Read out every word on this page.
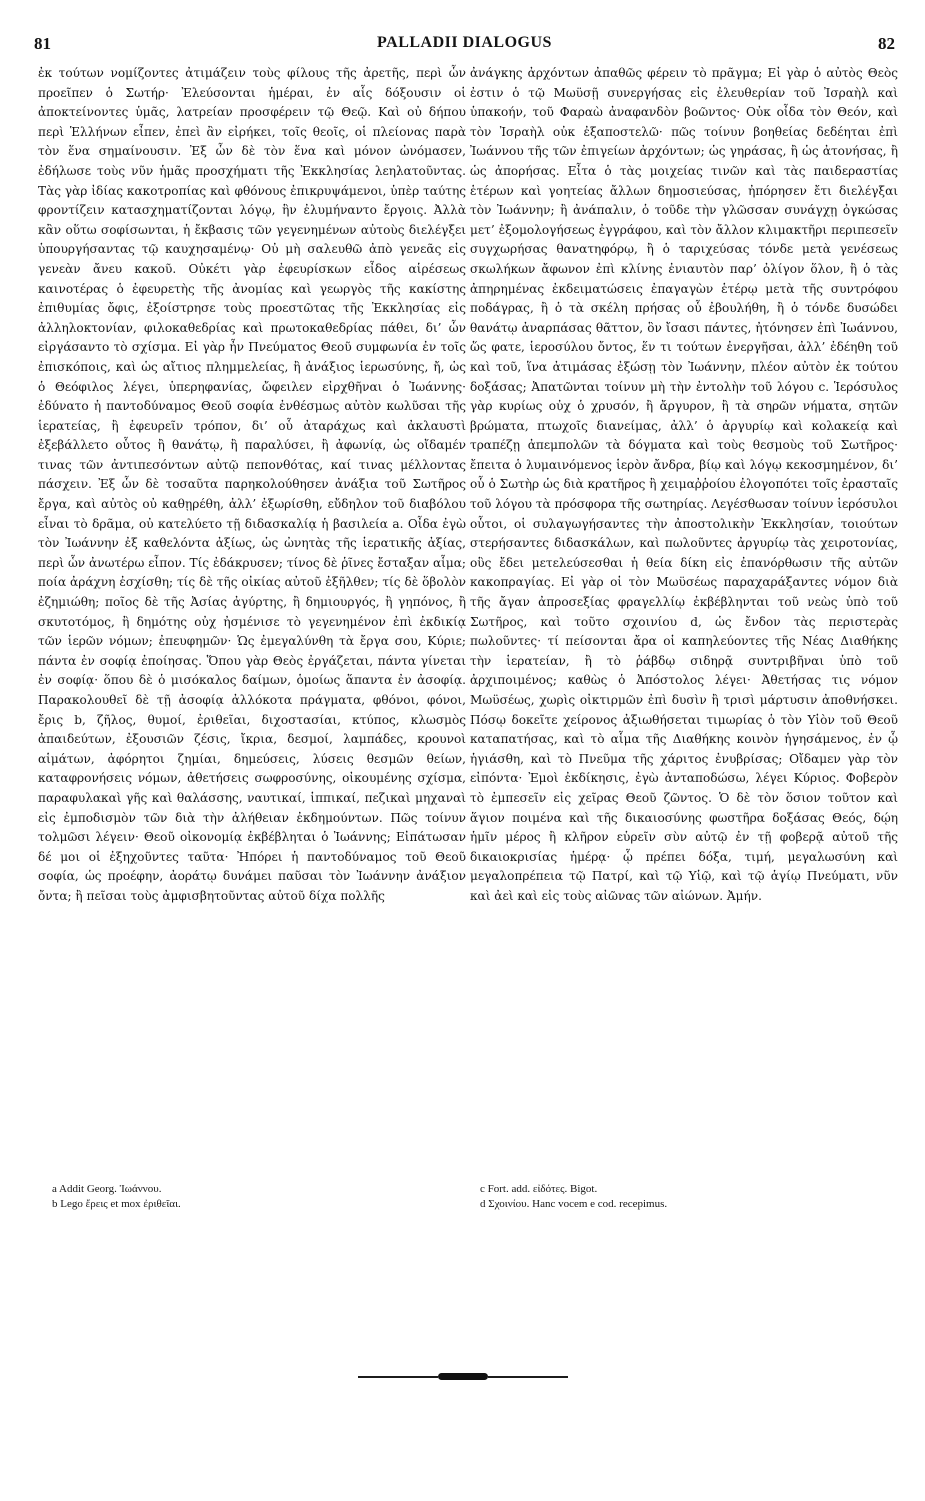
81	PALLADII DIALOGUS	82

ἐκ τούτων νομίζοντες ἀτιμάζειν τοὺς φίλους τῆς ἀρετῆς, περὶ ὧν προεῖπεν ὁ Σωτήρ· Ἐλεύσονται ἡμέραι, ἐν αἷς δόξουσιν οἱ ἀποκτείνοντες ὑμᾶς, λατρείαν προσφέρειν τῷ Θεῷ. Καὶ οὐ δήπου περὶ Ἑλλήνων εἶπεν, ἐπεὶ ἂν εἰρήκει, τοῖς θεοῖς, οἱ πλείονας παρὰ τὸν ἕνα σημαίνουσιν. Ἐξ ὧν δὲ τὸν ἕνα καὶ μόνον ὠνόμασεν, ἐδήλωσε τοὺς νῦν ἡμᾶς προσχήματι τῆς Ἐκκλησίας λεηλατοῦντας. Τὰς γὰρ ἰδίας κακοτροπίας καὶ φθόνους ἐπικρυψάμενοι, ὑπὲρ ταύτης φροντίζειν κατασχηματίζονται λόγῳ, ἣν ἐλυμήναντο ἔργοις. Ἀλλὰ κἂν οὕτω σοφίσωνται, ἡ ἔκβασις τῶν γεγενημένων αὐτοὺς διελέγξει ὑπουργήσαντας τῷ καυχησαμένῳ· Οὐ μὴ σαλευθῶ ἀπὸ γενεᾶς εἰς γενεὰν ἄνευ κακοῦ. Οὐκέτι γὰρ ἐφευρίσκων εἶδος αἱρέσεως καινοτέρας ὁ ἐφευρετὴς τῆς ἀνομίας καὶ γεωργὸς τῆς κακίστης ἐπιθυμίας ὄφις, ἐξοίστρησε τοὺς προεστῶτας τῆς Ἐκκλησίας εἰς ἀλληλοκτονίαν, φιλοκαθεδρίας καὶ πρωτοκαθεδρίας πάθει, δι’ ὧν εἰργάσαντο τὸ σχίσμα. Εἰ γὰρ ἦν Πνεύματος Θεοῦ συμφωνία ἐν τοῖς ἐπισκόποις, καὶ ὡς αἴτιος πλημμελείας, ἢ ἀνάξιος ἱερωσύνης, ἤ, ὡς ὁ Θεόφιλος λέγει, ὑπερηφανίας, ὤφειλεν εἰρχθῆναι ὁ Ἰωάννης· ἐδύνατο ἡ παντοδύναμος Θεοῦ σοφία ἐνθέσμως αὐτὸν κωλῦσαι τῆς ἱερατείας, ἢ ἐφευρεῖν τρόπον, δι’ οὗ ἀταράχως καὶ ἀκλαυστὶ ἐξεβάλλετο οὗτος ἢ θανάτῳ, ἢ παραλύσει, ἢ ἀφωνίᾳ, ὡς οἴδαμέν τινας τῶν ἀντιπεσόντων αὐτῷ πεπονθότας, καί τινας μέλλοντας πάσχειν. Ἐξ ὧν δὲ τοσαῦτα παρηκολούθησεν ἀνάξια τοῦ Σωτῆρος ἔργα, καὶ αὐτὸς οὐ καθῃρέθη, ἀλλ’ ἐξωρίσθη, εὔδηλον τοῦ διαβόλου εἶναι τὸ δρᾶμα, οὐ κατελύετο τῇ διδασκαλίᾳ ἡ βασιλεία a. Οἶδα ἐγὼ τὸν Ἰωάννην ἐξ καθελόντα ἀξίως, ὡς ὠνητὰς τῆς ἱερατικῆς ἀξίας, περὶ ὧν ἀνωτέρω εἶπον. Τίς ἐδάκρυσεν; τίνος δὲ ῥῖνες ἔσταξαν αἷμα; ποία ἀράχνη ἐσχίσθη; τίς δὲ τῆς οἰκίας αὐτοῦ ἐξῆλθεν; τίς δὲ ὅβολὸν ἐζημιώθη; ποῖος δὲ τῆς Ἀσίας ἀγύρτης, ἢ δημιουργός, ἢ γηπόνος, ἢ σκυτοτόμος, ἢ δημότης οὐχ ἠσμένισε τὸ γεγενημένον ἐπὶ ἐκδικίᾳ τῶν ἱερῶν νόμων; ἐπευφημῶν· Ὡς ἐμεγαλύνθη τὰ ἔργα σου, Κύριε; πάντα ἐν σοφίᾳ ἐποίησας. Ὅπου γὰρ Θεὸς ἐργάζεται, πάντα γίνεται ἐν σοφίᾳ· ὅπου δὲ ὁ μισόκαλος δαίμων, ὁμοίως ἅπαντα ἐν ἀσοφίᾳ. Παρακολουθεῖ δὲ τῇ ἀσοφίᾳ ἀλλόκοτα πράγματα, φθόνοι, φόνοι, ἔρις b, ζῆλος, θυμοί, ἐριθεῖαι, διχοστασίαι, κτύπος, κλωσμὸς ἀπαιδεύτων, ἐξουσιῶν ζέσις, ἴκρια, δεσμοί, λαμπάδες, κρουνοὶ αἱμάτων, ἀφόρητοι ζημίαι, δημεύσεις, λύσεις θεσμῶν θείων, καταφρονήσεις νόμων, ἀθετήσεις σωφροσύνης, οἰκουμένης σχίσμα, παραφυλακαὶ γῆς καὶ θαλάσσης, ναυτικαί, ἱππικαί, πεζικαὶ μηχαναὶ εἰς ἐμποδισμὸν τῶν διὰ τὴν ἀλήθειαν ἐκδημούντων. Πῶς τοίνυν τολμῶσι λέγειν· Θεοῦ οἰκονομίᾳ ἐκβέβληται ὁ Ἰωάννης; Εἰπάτωσαν δέ μοι οἱ ἐξηχοῦντες ταῦτα· Ἠπόρει ἡ παντοδύναμος τοῦ Θεοῦ σοφία, ὡς προέφην, ἀοράτῳ δυνάμει παῦσαι τὸν Ἰωάννην ἀνάξιον ὄντα; ἢ πεῖσαι τοὺς ἀμφισβητοῦντας αὐτοῦ δίχα πολλῆς

ἀνάγκης ἀρχόντων ἀπαθῶς φέρειν τὸ πρᾶγμα; Εἰ γὰρ ὁ αὐτὸς Θεὸς ἐστιν ὁ τῷ Μωϋσῇ συνεργήσας εἰς ἐλευθερίαν τοῦ Ἰσραὴλ καὶ ὑπακοήν, τοῦ Φαραὼ ἀναφανδὸν βοῶντος· Οὐκ οἶδα τὸν Θεόν, καὶ τὸν Ἰσραὴλ οὐκ ἐξαποστελῶ· πῶς τοίνυν βοηθείας δεδέηται ἐπὶ Ἰωάννου τῆς τῶν ἐπιγείων ἀρχόντων; ὡς γηράσας, ἢ ὡς ἀτονήσας, ἢ ὡς ἀπορήσας. Εἶτα ὁ τὰς μοιχείας τινῶν καὶ τὰς παιδεραστίας ἑτέρων καὶ γοητείας ἄλλων δημοσιεύσας, ἠπόρησεν ἔτι διελέγξαι τὸν Ἰωάννην; ἢ ἀνάπαλιν, ὁ τοῦδε τὴν γλῶσσαν συνάγχῃ ὀγκώσας μετ’ ἐξομολογήσεως ἐγγράφου, καὶ τὸν ἄλλον κλιμακτῆρι περιπεσεῖν συγχωρήσας θανατηφόρῳ, ἢ ὁ ταριχεύσας τόνδε μετὰ γενέσεως σκωλήκων ἄφωνον ἐπὶ κλίνης ἐνιαυτὸν παρ’ ὀλίγον ὅλον, ἢ ὁ τὰς ἀπηρημένας ἐκδειματώσεις ἐπαγαγὼν ἑτέρῳ μετὰ τῆς συντρόφου ποδάγρας, ἢ ὁ τὰ σκέλη πρήσας οὗ ἐβουλήθη, ἢ ὁ τόνδε δυσώδει θανάτῳ ἀναρπάσας θᾶττον, ὃν ἴσασι πάντες, ἠτόνησεν ἐπὶ Ἰωάννου, ὥς φατε, ἱεροσύλου ὄντος, ἕν τι τούτων ἐνεργῆσαι, ἀλλ’ ἐδέηθη τοῦ καὶ τοῦ, ἵνα ἀτιμάσας ἐξώσῃ τὸν Ἰωάννην, πλέον αὐτὸν ἐκ τούτου δοξάσας; Ἀπατῶνται τοίνυν μὴ τὴν ἐντολὴν τοῦ λόγου c. Ἱερόσυλος γὰρ κυρίως οὐχ ὁ χρυσόν, ἢ ἄργυρον, ἢ τὰ σηρῶν νήματα, σητῶν βρώματα, πτωχοῖς διανείμας, ἀλλ’ ὁ ἀργυρίῳ καὶ κολακείᾳ καὶ τραπέζῃ ἀπεμπολῶν τὰ δόγματα καὶ τοὺς θεσμοὺς τοῦ Σωτῆρος· ἔπειτα ὁ λυμαινόμενος ἱερὸν ἄνδρα, βίῳ καὶ λόγῳ κεκοσμημένον, δι’ οὗ ὁ Σωτὴρ ὡς διὰ κρατῆρος ἢ χειμαῤῥοίου ἐλογοπότει τοῖς ἐρασταῖς τοῦ λόγου τὰ πρόσφορα τῆς σωτηρίας. Λεγέσθωσαν τοίνυν ἱερόσυλοι οὗτοι, οἱ συλαγωγήσαντες τὴν ἀποστολικὴν Ἐκκλησίαν, τοιούτων στερήσαντες διδασκάλων, καὶ πωλοῦντες ἀργυρίῳ τὰς χειροτονίας, οὓς ἔδει μετελεύσεσθαι ἡ θεία δίκη εἰς ἐπανόρθωσιν τῆς αὐτῶν κακοπραγίας. Εἰ γὰρ οἱ τὸν Μωϋσέως παραχαράξαντες νόμον διὰ τῆς ἄγαν ἀπροσεξίας φραγελλίῳ ἐκβέβληνται τοῦ νεὼς ὑπὸ τοῦ Σωτῆρος, καὶ τοῦτο σχοινίου d, ὡς ἔνδον τὰς περιστερὰς πωλοῦντες· τί πείσονται ἄρα οἱ καπηλεύοντες τῆς Νέας Διαθήκης τὴν ἱερατείαν, ἢ τὸ ῥάβδῳ σιδηρᾷ συντριβῆναι ὑπὸ τοῦ ἀρχιποιμένος; καθὼς ὁ Ἀπόστολος λέγει· Ἀθετήσας τις νόμον Μωϋσέως, χωρὶς οἰκτιρμῶν ἐπὶ δυσὶν ἢ τρισὶ μάρτυσιν ἀποθνήσκει. Πόσῳ δοκεῖτε χείρονος ἀξιωθήσεται τιμωρίας ὁ τὸν Υἱὸν τοῦ Θεοῦ καταπατήσας, καὶ τὸ αἷμα τῆς Διαθήκης κοινὸν ἡγησάμενος, ἐν ᾧ ἡγιάσθη, καὶ τὸ Πνεῦμα τῆς χάριτος ἐνυβρίσας; Οἴδαμεν γὰρ τὸν εἰπόντα· Ἐμοὶ ἐκδίκησις, ἐγὼ ἀνταποδώσω, λέγει Κύριος. Φοβερὸν τὸ ἐμπεσεῖν εἰς χεῖρας Θεοῦ ζῶντος. Ὁ δὲ τὸν ὅσιον τοῦτον καὶ ἅγιον ποιμένα καὶ τῆς δικαιοσύνης φωστῆρα δοξάσας Θεός, δῴη ἡμῖν μέρος ἢ κλῆρον εὑρεῖν σὺν αὐτῷ ἐν τῇ φοβερᾷ αὐτοῦ τῆς δικαιοκρισίας ἡμέρᾳ· ᾧ πρέπει δόξα, τιμή, μεγαλωσύνη καὶ μεγαλοπρέπεια τῷ Πατρί, καὶ τῷ Υἱῷ, καὶ τῷ ἁγίῳ Πνεύματι, νῦν καὶ ἀεὶ καὶ εἰς τοὺς αἰῶνας τῶν αἰώνων. Ἀμήν.

a Addit Georg. Ἰωάννου.
b Lego ἔρεις et mox ἐριθεῖαι.
c Fort. add. εἰδότες. Bigot.
d Σχοινίου. Hanc vocem e cod. recepimus.
